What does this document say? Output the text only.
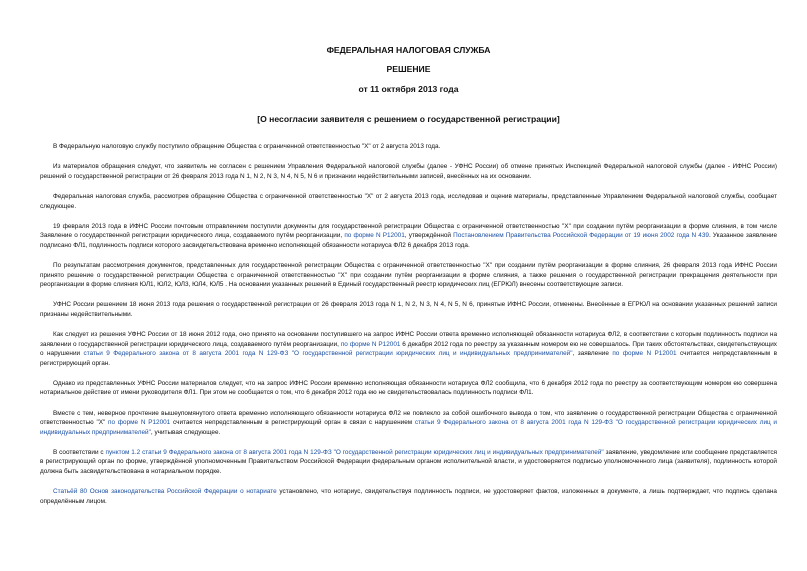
ФЕДЕРАЛЬНАЯ НАЛОГОВАЯ СЛУЖБА
РЕШЕНИЕ
от 11 октября 2013 года
[О несогласии заявителя с решением о государственной регистрации]

В Федеральную налоговую службу поступило обращение Общества с ограниченной ответственностью "Х" от 2 августа 2013 года.

Из материалов обращения следует, что заявитель не согласен с решением Управления Федеральной налоговой службы (далее - УФНС России) об отмене принятых Инспекцией Федеральной налоговой службы (далее - ИФНС России) решений о государственной регистрации от 26 февраля 2013 года N 1, N 2, N 3, N 4, N 5, N 6 и признании недействительными записей, внесённых на их основании.

Федеральная налоговая служба, рассмотрев обращение Общества с ограниченной ответственностью "Х" от 2 августа 2013 года, исследовав и оценив материалы, представленные Управлением Федеральной налоговой службы, сообщает следующее.

19 февраля 2013 года в ИФНС России почтовым отправлением поступили документы для государственной регистрации Общества с ограниченной ответственностью "Х" при создании путём реорганизации в форме слияния, в том числе Заявление о государственной регистрации юридического лица, создаваемого путём реорганизации, по форме N Р12001, утверждённой Постановлением Правительства Российской Федерации от 19 июня 2002 года N 439. Указанное заявление подписано ФЛ1, подлинность подписи которого засвидетельствована временно исполняющей обязанности нотариуса ФЛ2 6 декабря 2013 года.

По результатам рассмотрения документов, представленных для государственной регистрации Общества с ограниченной ответственностью "Х" при создании путём реорганизации в форме слияния, 26 февраля 2013 года ИФНС России принято решение о государственной регистрации Общества с ограниченной ответственностью "Х" при создании путём реорганизации в форме слияния, а также решения о государственной регистрации прекращения деятельности при реорганизации в форме слияния ЮЛ1, ЮЛ2, ЮЛ3, ЮЛ4, ЮЛ5 . На основании указанных решений в Единый государственный реестр юридических лиц (ЕГРЮЛ) внесены соответствующие записи.

УФНС России решением 18 июня 2013 года решения о государственной регистрации от 26 февраля 2013 года N 1, N 2, N 3, N 4, N 5, N 6, принятые ИФНС России, отменены. Внесённые в ЕГРЮЛ на основании указанных решений записи признаны недействительными.

Как следует из решения УФНС России от 18 июня 2012 года, оно принято на основании поступившего на запрос ИФНС России ответа временно исполняющей обязанности нотариуса ФЛ2, в соответствии с которым подлинность подписи на заявлении о государственной регистрации юридического лица, создаваемого путём реорганизации, по форме N Р12001 6 декабря 2012 года по реестру за указанным номером ею не совершалось. При таких обстоятельствах, свидетельствующих о нарушении статьи 9 Федерального закона от 8 августа 2001 года N 129-ФЗ "О государственной регистрации юридических лиц и индивидуальных предпринимателей", заявление по форме N Р12001 считается непредставленным в регистрирующий орган.

Однако из представленных УФНС России материалов следует, что на запрос ИФНС России временно исполняющая обязанности нотариуса ФЛ2 сообщила, что 6 декабря 2012 года по реестру за соответствующим номером ею совершена нотариальное действие от имени руководителя ФЛ1. При этом не сообщается о том, что 6 декабря 2012 года ею не свидетельствовалась подлинность подписи ФЛ1.

Вместе с тем, неверное прочтение вышеупомянутого ответа временно исполняющего обязанности нотариуса ФЛ2 не повлекло за собой ошибочного вывода о том, что заявление о государственной регистрации Общества с ограниченной ответственностью "Х" по форме N Р12001 считается непредставленным в регистрирующий орган в связи с нарушением статьи 9 Федерального закона от 8 августа 2001 года N 129-ФЗ "О государственной регистрации юридических лиц и индивидуальных предпринимателей", учитывая следующее.

В соответствии с пунктом 1.2 статьи 9 Федерального закона от 8 августа 2001 года N 129-ФЗ "О государственной регистрации юридических лиц и индивидуальных предпринимателей" заявление, уведомление или сообщение представляется в регистрирующий орган по форме, утверждённой уполномоченным Правительством Российской Федерации федеральным органом исполнительной власти, и удостоверяется подписью уполномоченного лица (заявителя), подлинность которой должна быть засвидетельствована в нотариальном порядке.

Статьёй 80 Основ законодательства Российской Федерации о нотариате установлено, что нотариус, свидетельствуя подлинность подписи, не удостоверяет фактов, изложенных в документе, а лишь подтверждает, что подпись сделана определённым лицом.
